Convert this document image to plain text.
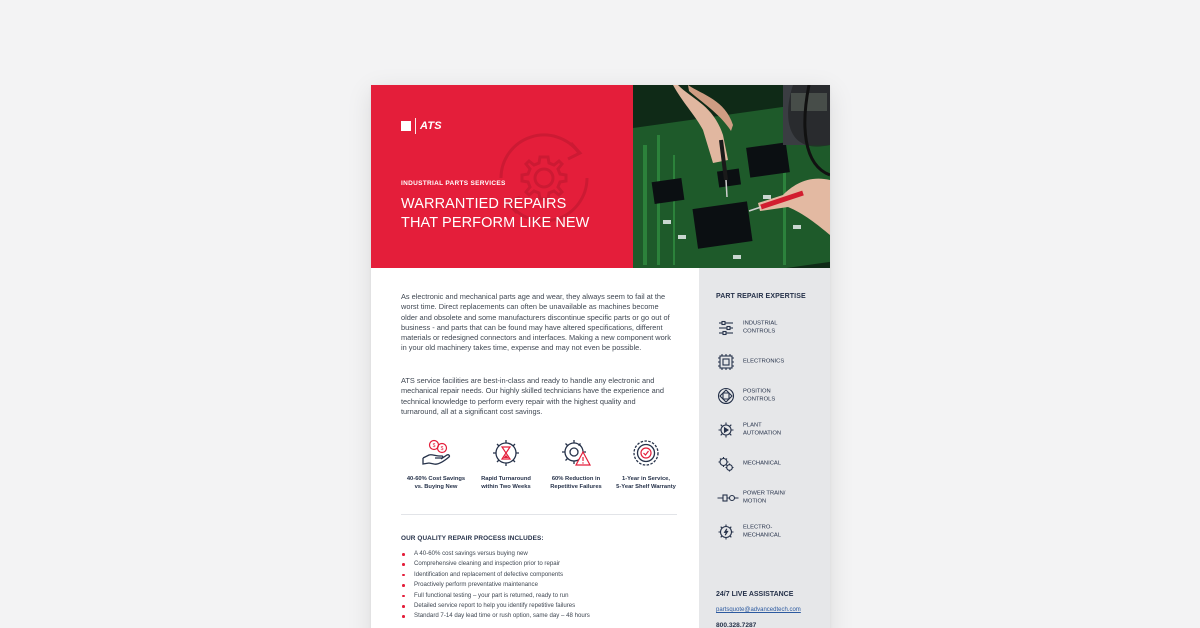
ATS
INDUSTRIAL PARTS SERVICES
WARRANTIED REPAIRS
THAT PERFORM LIKE NEW

As electronic and mechanical parts age and wear, they always seem to fail at the worst time. Direct replacements can often be unavailable as machines become older and obsolete and some manufacturers discontinue specific parts or go out of business - and parts that can be found may have altered specifications, different materials or redesigned connectors and interfaces. Making a new component work in your old machinery takes time, expense and may not even be possible.

ATS service facilities are best-in-class and ready to handle any electronic and mechanical repair needs. Our highly skilled technicians have the experience and technical knowledge to perform every repair with the highest quality and turnaround, all at a significant cost savings.

$ $
40-60% Cost Savings
vs. Buying New
Rapid Turnaround
within Two Weeks
60% Reduction in
Repetitive Failures
1-Year in Service,
5-Year Shelf Warranty
OUR QUALITY REPAIR PROCESS INCLUDES:
A 40-60% cost savings versus buying new
Comprehensive cleaning and inspection prior to repair
Identification and replacement of defective components
Proactively perform preventative maintenance
Full functional testing – your part is returned, ready to run
Detailed service report to help you identify repetitive failures
Standard 7-14 day lead time or rush option, same day – 48 hours
PART REPAIR EXPERTISE
INDUSTRIAL
CONTROLS
ELECTRONICS
POSITION
CONTROLS
PLANT
AUTOMATION
MECHANICAL
POWER TRAIN/
MOTION
ELECTRO-
MECHANICAL
24/7 LIVE ASSISTANCE
partsquote@advancedtech.com
800.328.7287
